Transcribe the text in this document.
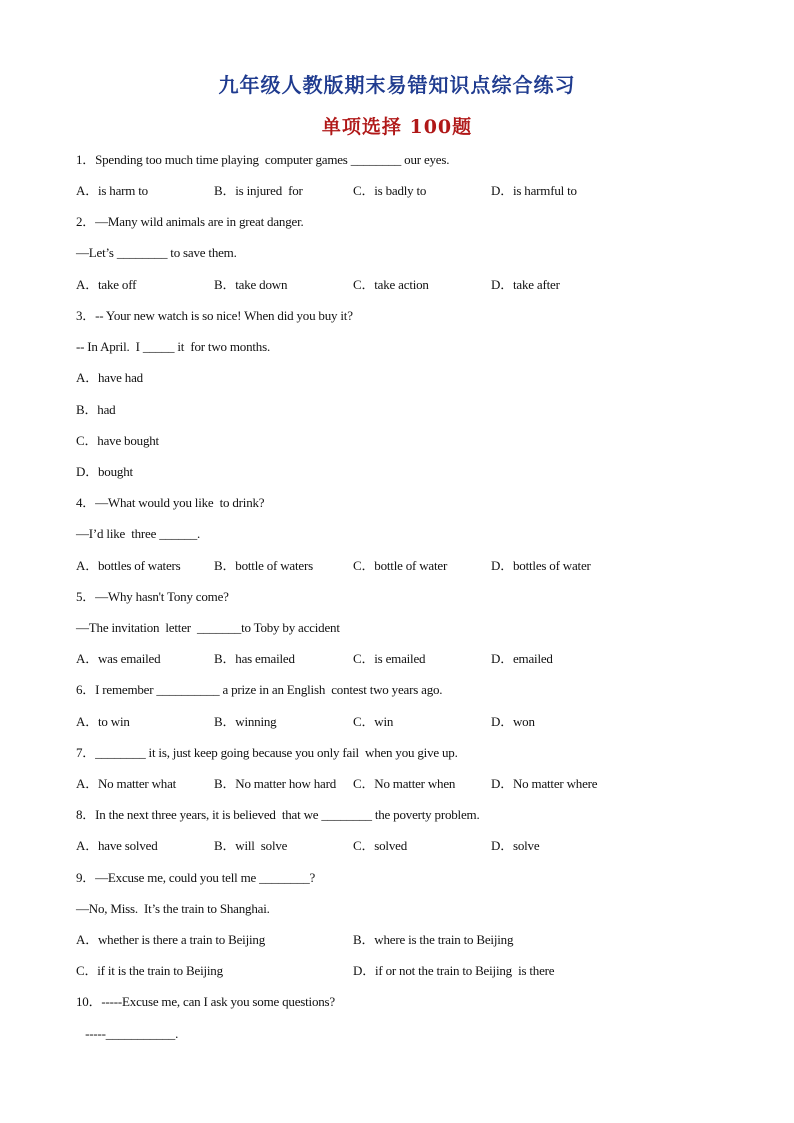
九年级人教版期末易错知识点综合练习
单项选择 100题
1．Spending too much time playing  computer games ________ our eyes.
A．is harm to	B．is injured  for	C．is badly to	D．is harmful to
2．—Many wild animals are in great danger.
—Let’s ________ to save them.
A．take off	B．take down	C．take action	D．take after
3．-- Your new watch is so nice! When did you buy it?
-- In April.  I _____ it  for two months.
A．have had
B．had
C．have bought
D．bought
4．—What would you like  to drink?
—I’d like  three ______.
A．bottles of waters	B．bottle of waters	C．bottle of water	D．bottles of water
5．—Why hasn't Tony come?
—The invitation  letter  _______to Toby by accident
A．was emailed	B．has emailed	C．is emailed	D．emailed
6．I remember __________ a prize in an English  contest two years ago.
A．to win	B．winning	C．win	D．won
7．________ it is, just keep going because you only fail  when you give up.
A．No matter what	B．No matter how hard C．No matter when	D．No matter where
8．In the next three years, it is believed  that we ________ the poverty problem.
A．have solved	B．will  solve	C．solved	D．solve
9．—Excuse me, could you tell me ________?
—No, Miss.  It’s the train to Shanghai.
A．whether is there a train to Beijing	B．where is the train to Beijing
C．if it is the train to Beijing	D．if or not the train to Beijing  is there
10．-----Excuse me, can I ask you some questions?
-----___________.
